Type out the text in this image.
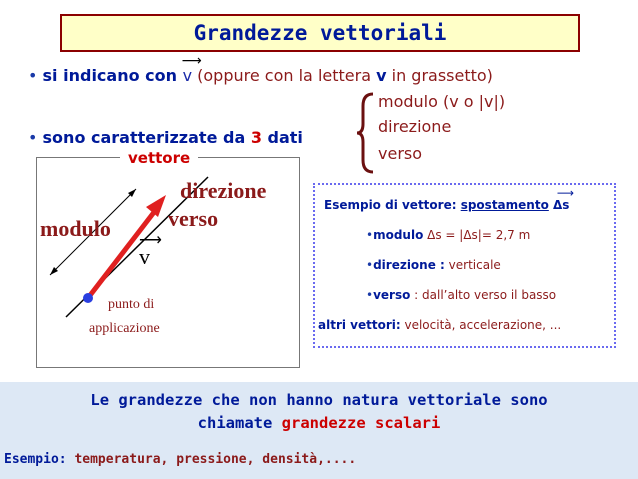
Grandezze vettoriali
• si indicano con
⟶
v (oppure con la lettera v in grassetto)
• sono caratterizzate da 3 dati
modulo (v o |v|)
direzione
verso
vettore
direzione
verso
modulo ⟶
v
punto di
applicazione
Esempio di vettore: spostamento
⟶
Δs
•modulo Δs = |Δs|= 2,7 m
•direzione : verticale
•verso : dall’alto verso il basso
altri vettori: velocità, accelerazione, ...
Le grandezze che non hanno natura vettoriale sono
chiamate grandezze scalari
Esempio: temperatura, pressione, densità,....
